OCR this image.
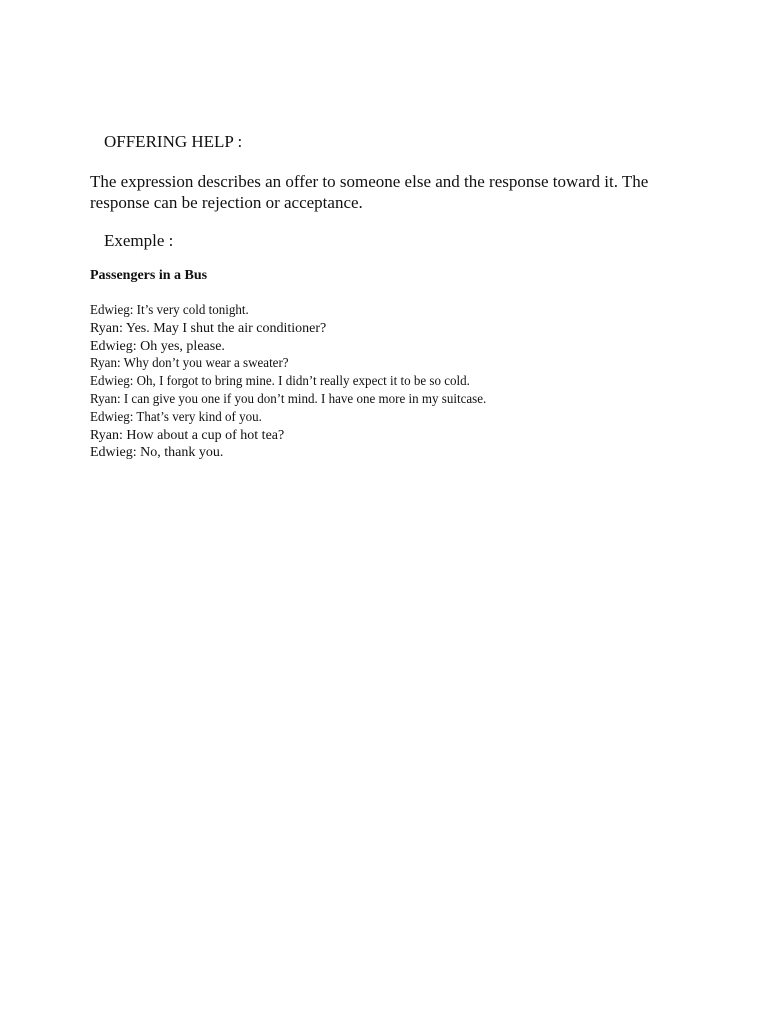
OFFERING HELP :

The expression describes an offer to someone else and the response toward it. The

response can be rejection or acceptance.

Exemple :
Passengers in a Bus
Edwieg: It’s very cold tonight.
Ryan: Yes. May I shut the air conditioner?
Edwieg: Oh yes, please.
Ryan: Why don’t you wear a sweater?
Edwieg: Oh, I forgot to bring mine. I didn’t really expect it to be so cold.
Ryan: I can give you one if you don’t mind. I have one more in my suitcase.
Edwieg: That’s very kind of you.
Ryan: How about a cup of hot tea?
Edwieg: No, thank you.
